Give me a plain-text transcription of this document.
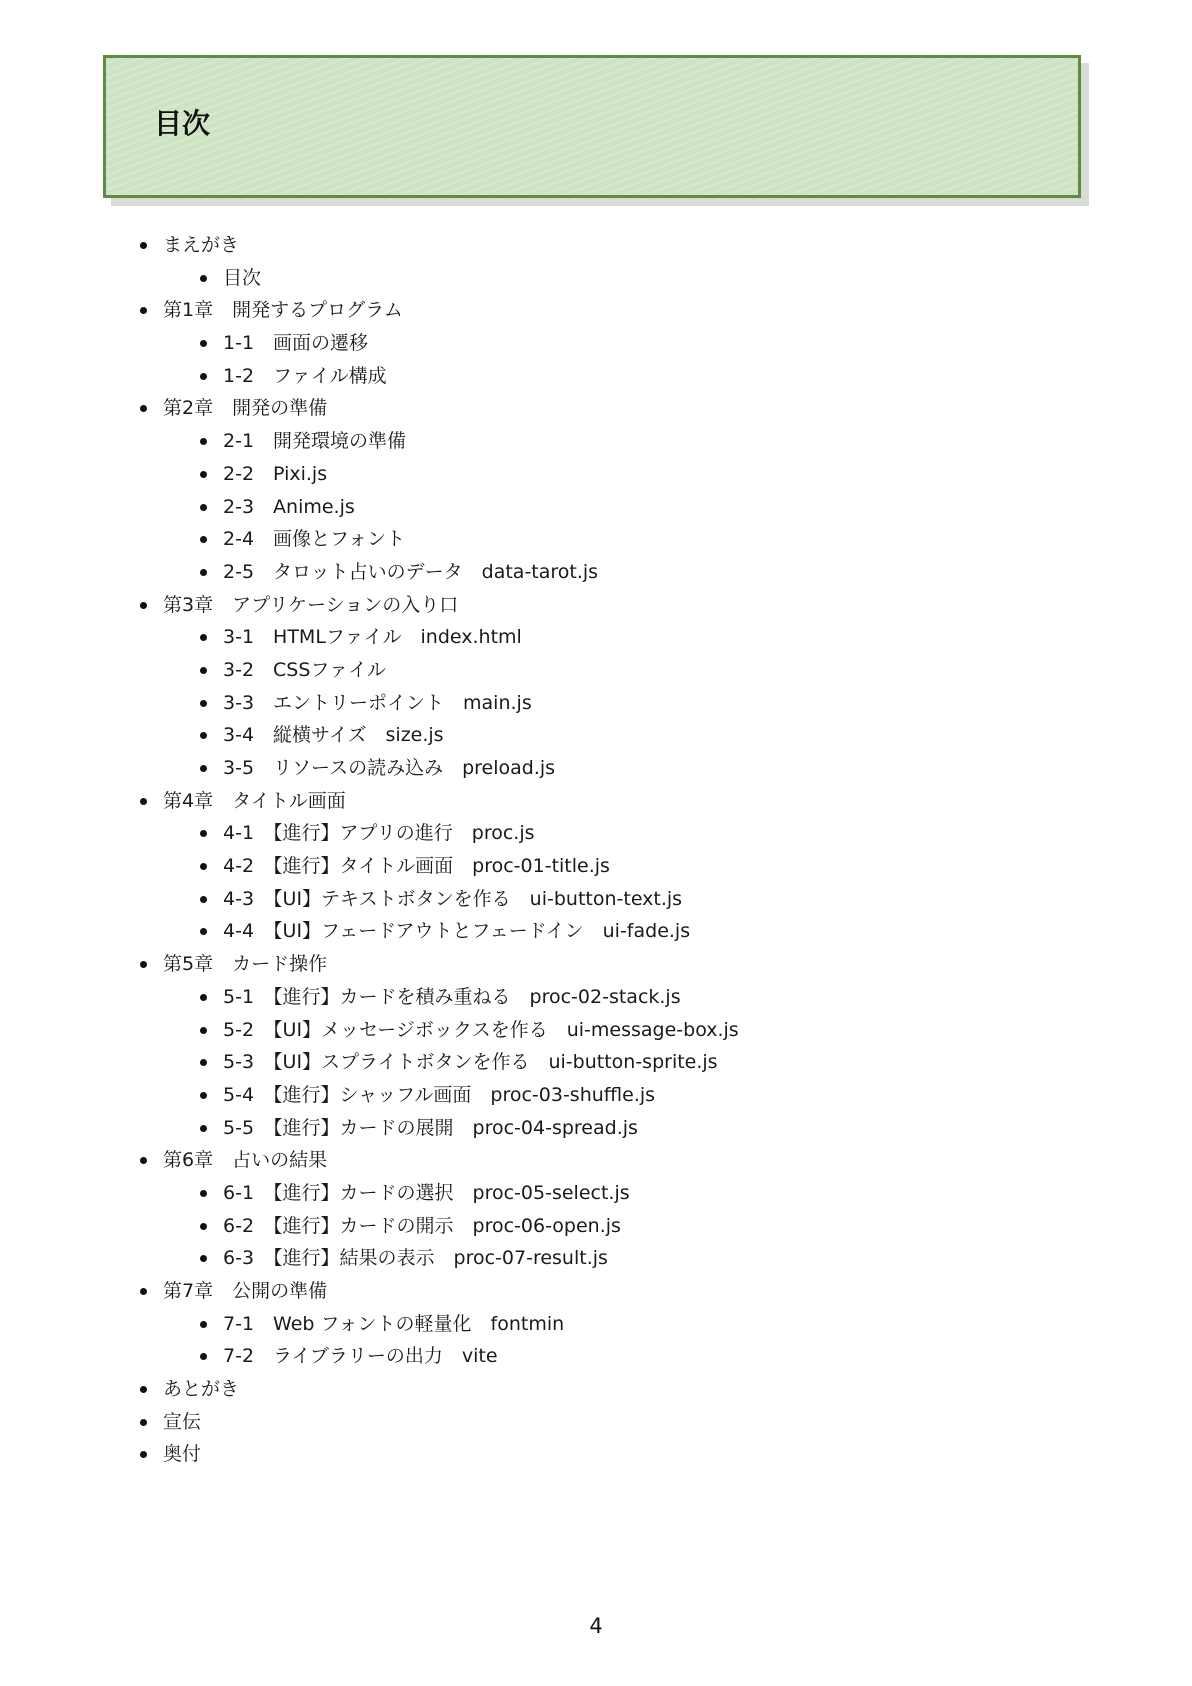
目次
まえがき
目次
第1章　開発するプログラム
1-1　画面の遷移
1-2　ファイル構成
第2章　開発の準備
2-1　開発環境の準備
2-2　Pixi.js
2-3　Anime.js
2-4　画像とフォント
2-5　タロット占いのデータ　data-tarot.js
第3章　アプリケーションの入り口
3-1　HTMLファイル　index.html
3-2　CSSファイル
3-3　エントリーポイント　main.js
3-4　縦横サイズ　size.js
3-5　リソースの読み込み　preload.js
第4章　タイトル画面
4-1　【進行】アプリの進行　proc.js
4-2　【進行】タイトル画面　proc-01-title.js
4-3　【UI】テキストボタンを作る　ui-button-text.js
4-4　【UI】フェードアウトとフェードイン　ui-fade.js
第5章　カード操作
5-1　【進行】カードを積み重ねる　proc-02-stack.js
5-2　【UI】メッセージボックスを作る　ui-message-box.js
5-3　【UI】スプライトボタンを作る　ui-button-sprite.js
5-4　【進行】シャッフル画面　proc-03-shuffle.js
5-5　【進行】カードの展開　proc-04-spread.js
第6章　占いの結果
6-1　【進行】カードの選択　proc-05-select.js
6-2　【進行】カードの開示　proc-06-open.js
6-3　【進行】結果の表示　proc-07-result.js
第7章　公開の準備
7-1　Web フォントの軽量化　fontmin
7-2　ライブラリーの出力　vite
あとがき
宣伝
奥付
4
